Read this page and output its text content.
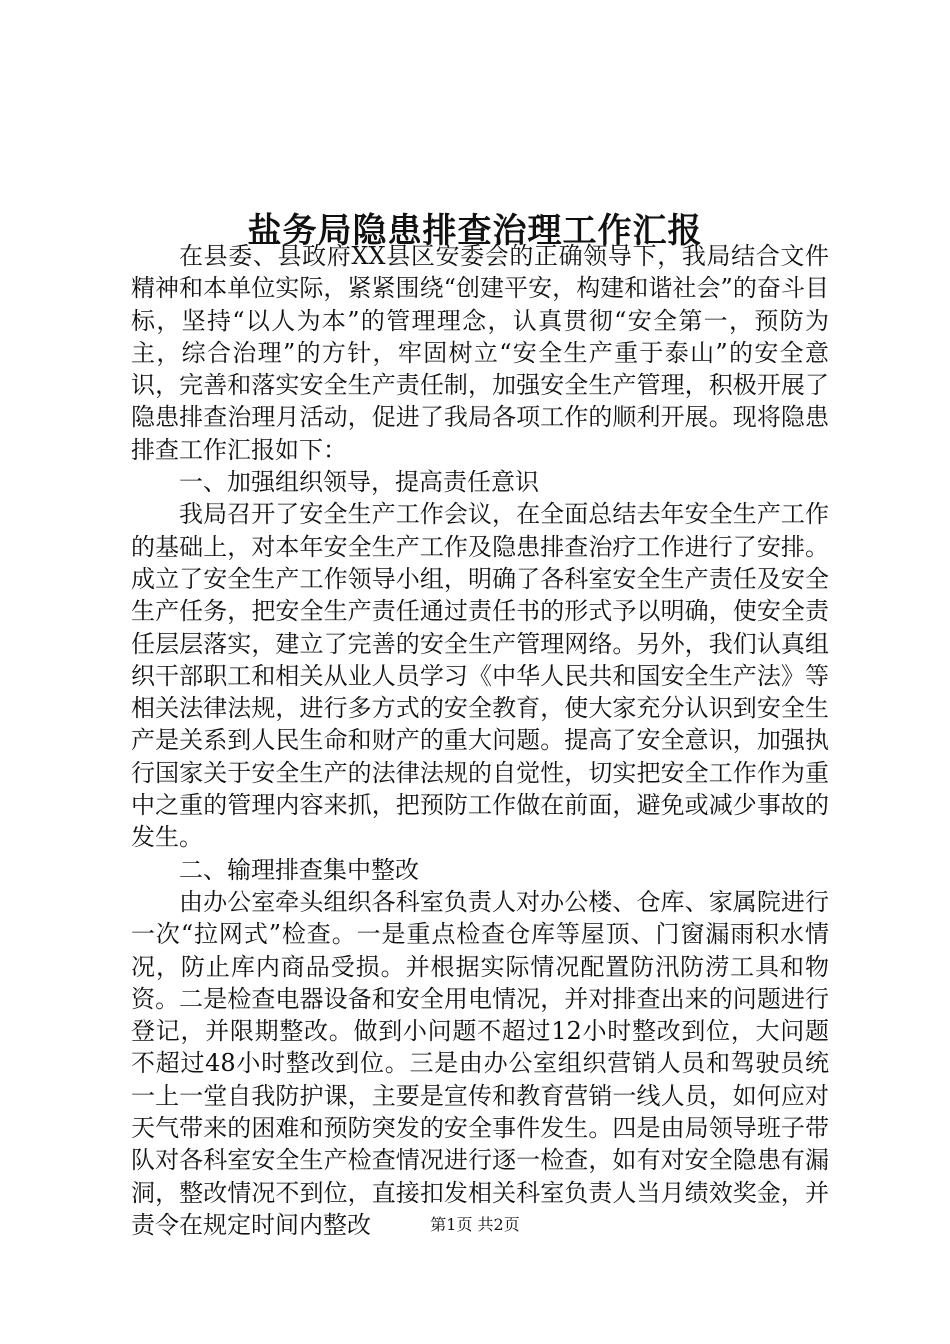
盐务局隐患排查治理工作汇报

在县委、县政府XX县区安委会的正确领导下，我局结合文件精神和本单位实际，紧紧围绕“创建平安，构建和谐社会”的奋斗目标，坚持“以人为本”的管理理念，认真贯彻“安全第一，预防为主，综合治理”的方针，牢固树立“安全生产重于泰山”的安全意识，完善和落实安全生产责任制，加强安全生产管理，积极开展了隐患排查治理月活动，促进了我局各项工作的顺利开展。现将隐患排查工作汇报如下：

一、加强组织领导，提高责任意识

我局召开了安全生产工作会议，在全面总结去年安全生产工作的基础上，对本年安全生产工作及隐患排查治疗工作进行了安排。成立了安全生产工作领导小组，明确了各科室安全生产责任及安全生产任务，把安全生产责任通过责任书的形式予以明确，使安全责任层层落实，建立了完善的安全生产管理网络。另外，我们认真组织干部职工和相关从业人员学习《中华人民共和国安全生产法》等相关法律法规，进行多方式的安全教育，使大家充分认识到安全生产是关系到人民生命和财产的重大问题。提高了安全意识，加强执行国家关于安全生产的法律法规的自觉性，切实把安全工作作为重中之重的管理内容来抓，把预防工作做在前面，避免或减少事故的发生。

二、输理排查集中整改

由办公室牵头组织各科室负责人对办公楼、仓库、家属院进行一次“拉网式”检查。一是重点检查仓库等屋顶、门窗漏雨积水情况，防止库内商品受损。并根据实际情况配置防汛防涝工具和物资。二是检查电器设备和安全用电情况，并对排查出来的问题进行登记，并限期整改。做到小问题不超过12小时整改到位，大问题不超过48小时整改到位。三是由办公室组织营销人员和驾驶员统一上一堂自我防护课，主要是宣传和教育营销一线人员，如何应对天气带来的困难和预防突发的安全事件发生。四是由局领导班子带队对各科室安全生产检查情况进行逐一检查，如有对安全隐患有漏洞，整改情况不到位，直接扣发相关科室负责人当月绩效奖金，并责令在规定时间内整改	第1页 共2页
